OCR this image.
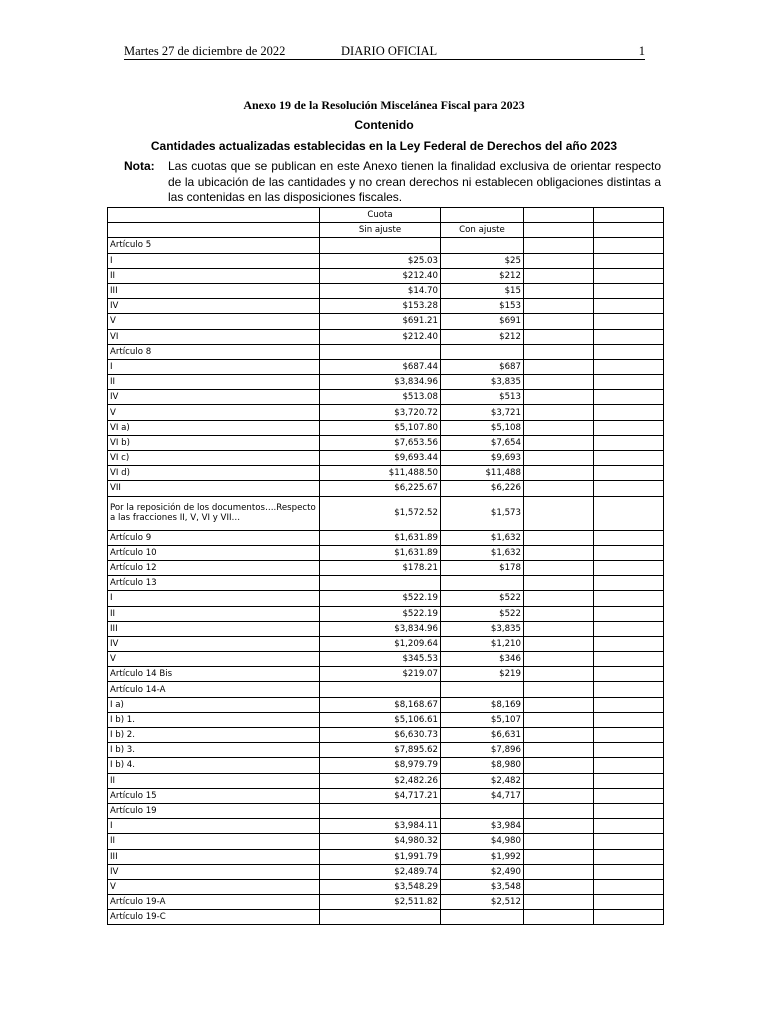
Martes 27 de diciembre de 2022	DIARIO OFICIAL	1
Anexo 19 de la Resolución Miscelánea Fiscal para 2023
Contenido
Cantidades actualizadas establecidas en la Ley Federal de Derechos del año 2023
Nota: Las cuotas que se publican en este Anexo tienen la finalidad exclusiva de orientar respecto de la ubicación de las cantidades y no crean derechos ni establecen obligaciones distintas a las contenidas en las disposiciones fiscales.
	Cuota			
	Sin ajuste	Con ajuste		
Artículo 5				
I	$25.03	$25		
II	$212.40	$212		
III	$14.70	$15		
IV	$153.28	$153		
V	$691.21	$691		
VI	$212.40	$212		
Artículo 8				
I	$687.44	$687		
II	$3,834.96	$3,835		
IV	$513.08	$513		
V	$3,720.72	$3,721		
VI a)	$5,107.80	$5,108		
VI b)	$7,653.56	$7,654		
VI c)	$9,693.44	$9,693		
VI d)	$11,488.50	$11,488		
VII	$6,225.67	$6,226		
Por la reposición de los documentos….Respecto a las fracciones II, V, VI y VII…	$1,572.52	$1,573		
Artículo 9	$1,631.89	$1,632		
Artículo 10	$1,631.89	$1,632		
Artículo 12	$178.21	$178		
Artículo 13				
I	$522.19	$522		
II	$522.19	$522		
III	$3,834.96	$3,835		
IV	$1,209.64	$1,210		
V	$345.53	$346		
Artículo 14 Bis	$219.07	$219		
Artículo 14-A				
I a)	$8,168.67	$8,169		
I b) 1.	$5,106.61	$5,107		
I b) 2.	$6,630.73	$6,631		
I b) 3.	$7,895.62	$7,896		
I b) 4.	$8,979.79	$8,980		
II	$2,482.26	$2,482		
Artículo 15	$4,717.21	$4,717		
Artículo 19				
I	$3,984.11	$3,984		
II	$4,980.32	$4,980		
III	$1,991.79	$1,992		
IV	$2,489.74	$2,490		
V	$3,548.29	$3,548		
Artículo 19-A	$2,511.82	$2,512		
Artículo 19-C				
